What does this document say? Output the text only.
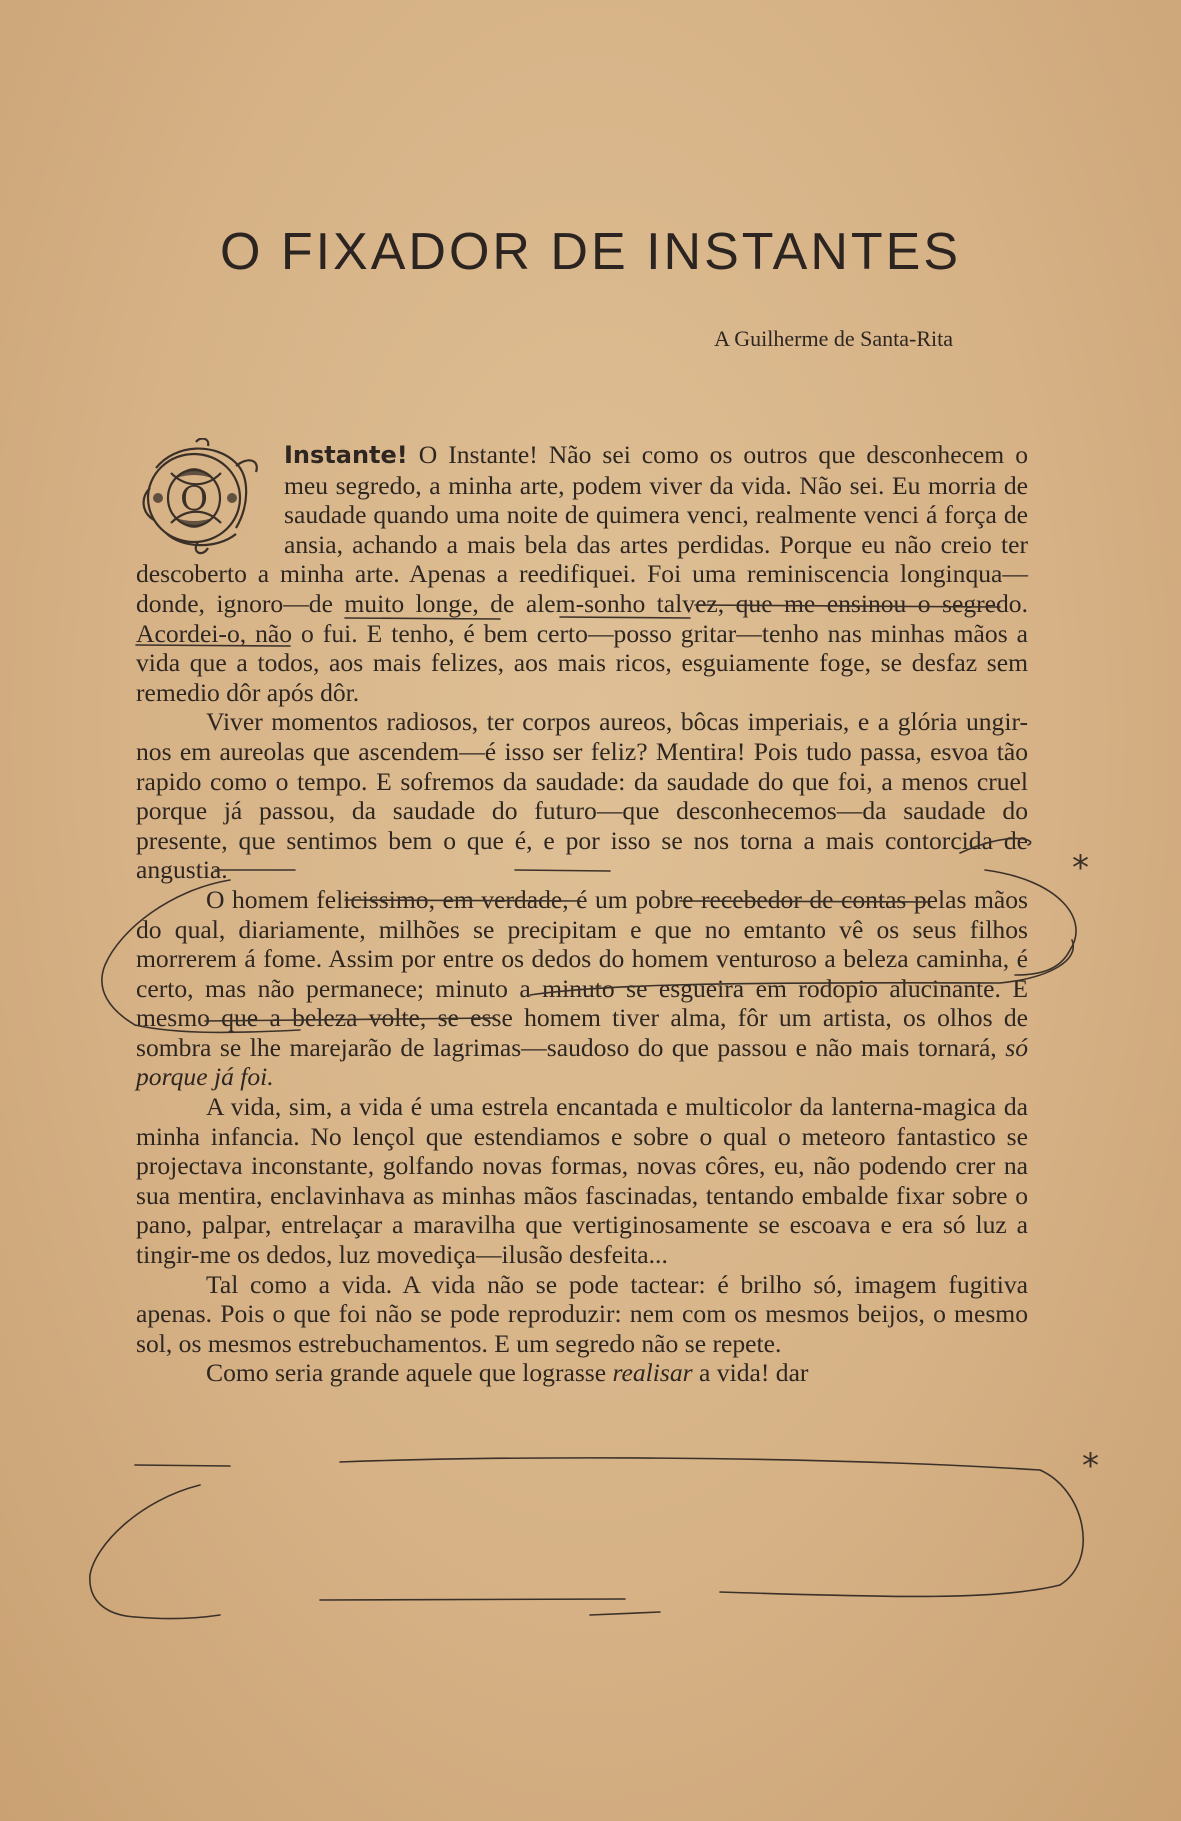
O FIXADOR DE INSTANTES
A Guilherme de Santa-Rita

O
Instante! O Instante! Não sei como os outros que desconhecem o meu segredo, a minha arte, podem viver da vida. Não sei. Eu morria de saudade quando uma noite de quimera venci, realmente venci á força de ansia, achando a mais bela das artes perdidas. Porque eu não creio ter descoberto a minha arte. Apenas a reedifiquei. Foi uma reminiscencia longinqua—donde, ignoro—de muito longe, de alem-sonho talvez, que me ensinou o segredo. Acordei-o, não o fui. E tenho, é bem certo—posso gritar—tenho nas minhas mãos a vida que a todos, aos mais felizes, aos mais ricos, esguiamente foge, se desfaz sem remedio dôr após dôr.

Viver momentos radiosos, ter corpos aureos, bôcas imperiais, e a glória ungir-nos em aureolas que ascendem—é isso ser feliz? Mentira! Pois tudo passa, esvoa tão rapido como o tempo. E sofremos da saudade: da saudade do que foi, a menos cruel porque já passou, da saudade do futuro—que desconhecemos—da saudade do presente, que sentimos bem o que é, e por isso se nos torna a mais contorcida de angustia.

O homem felicissimo, em verdade, é um pobre recebedor de contas pelas mãos do qual, diariamente, milhões se precipitam e que no emtanto vê os seus filhos morrerem á fome. Assim por entre os dedos do homem venturoso a beleza caminha, é certo, mas não permanece; minuto a minuto se esgueira em rodopio alucinante. E mesmo que a beleza volte, se esse homem tiver alma, fôr um artista, os olhos de sombra se lhe marejarão de lagrimas—saudoso do que passou e não mais tornará, só porque já foi.

A vida, sim, a vida é uma estrela encantada e multicolor da lanterna-magica da minha infancia. No lençol que estendiamos e sobre o qual o meteoro fantastico se projectava inconstante, golfando novas formas, novas côres, eu, não podendo crer na sua mentira, enclavinhava as minhas mãos fascinadas, tentando embalde fixar sobre o pano, palpar, entrelaçar a maravilha que vertiginosamente se escoava e era só luz a tingir-me os dedos, luz movediça—ilusão desfeita...

Tal como a vida. A vida não se pode tactear: é brilho só, imagem fugitiva apenas. Pois o que foi não se pode reproduzir: nem com os mesmos beijos, o mesmo sol, os mesmos estrebuchamentos. E um segredo não se repete.

Como seria grande aquele que lograsse realisar a vida! dar

*
*
